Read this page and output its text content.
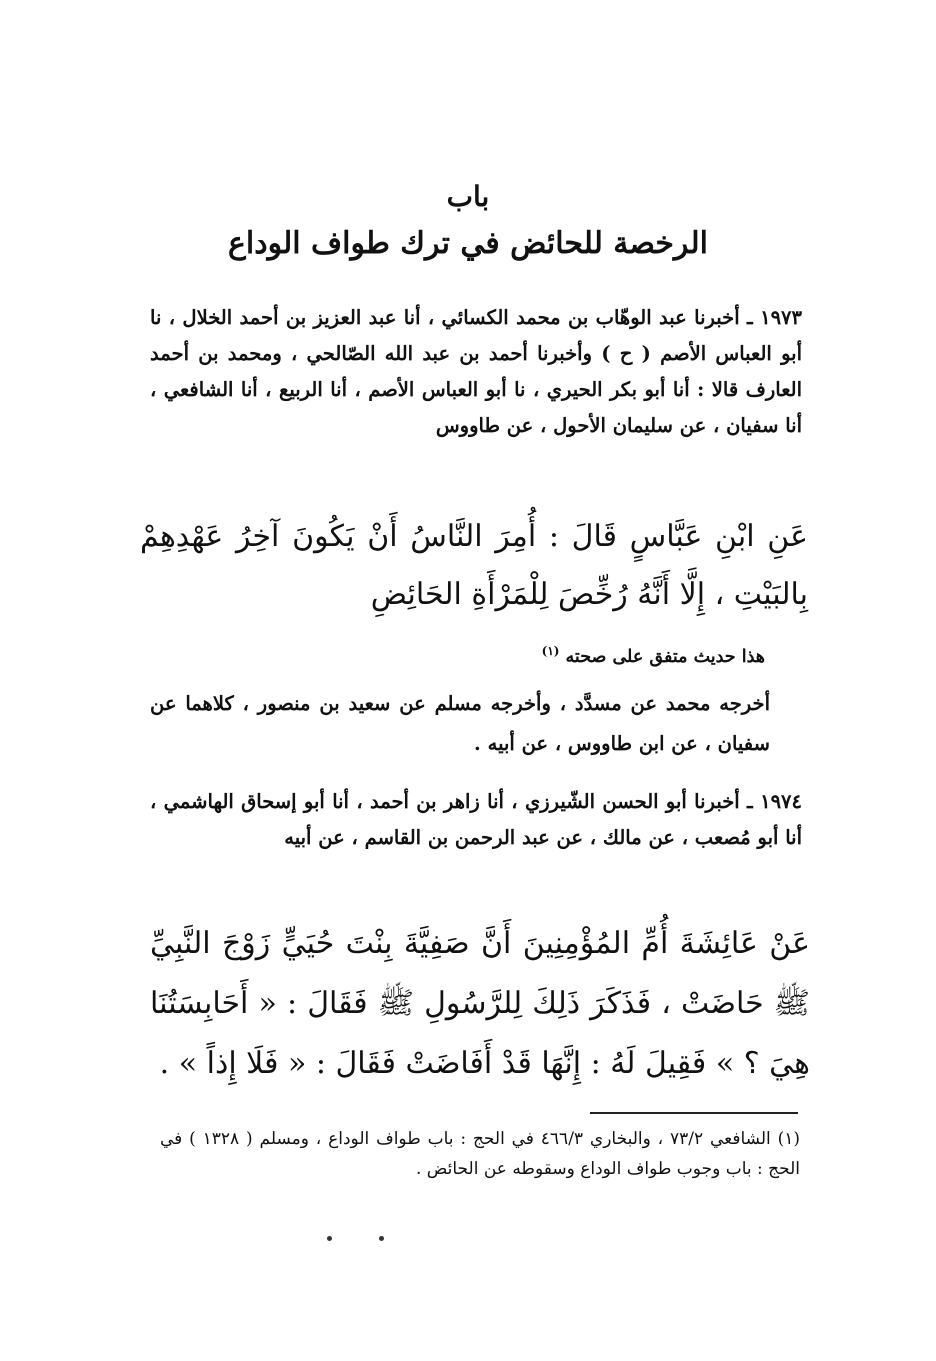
باب
الرخصة للحائض في ترك طواف الوداع
١٩٧٣ ـ أخبرنا عبد الوهّاب بن محمد الكسائي ، أنا عبد العزيز بن أحمد الخلال ، نا أبو العباس الأصم ( ح ) وأخبرنا أحمد بن عبد الله الصّالحي ، ومحمد بن أحمد العارف قالا : أنا أبو بكر الحيري ، نا أبو العباس الأصم ، أنا الربيع ، أنا الشافعي ، أنا سفيان ، عن سليمان الأحول ، عن طاووس
عَنِ ابْنِ عَبَّاسٍ قَالَ : أُمِرَ النَّاسُ أَنْ يَكُونَ آخِرُ عَهْدِهِمْ بِالبَيْتِ ، إِلَّا أَنَّهُ رُخِّصَ لِلْمَرْأَةِ الحَائِضِ
هذا حديث متفق على صحته $^{(١)}$
أخرجه محمد عن مسدَّد ، وأخرجه مسلم عن سعيد بن منصور ، كلاهما عن سفيان ، عن ابن طاووس ، عن أبيه .
١٩٧٤ ـ أخبرنا أبو الحسن الشّيرزي ، أنا زاهر بن أحمد ، أنا أبو إسحاق الهاشمي ، أنا أبو مُصعب ، عن مالك ، عن عبد الرحمن بن القاسم ، عن أبيه
عَنْ عَائِشَةَ أُمِّ المُؤْمِنِينَ أَنَّ صَفِيَّةَ بِنْتَ حُيَيٍّ زَوْجَ النَّبِيِّ ﷺ حَاضَتْ ، فَذَكَرَ ذَلِكَ لِلرَّسُولِ ﷺ فَقَالَ : « أَحَابِسَتُنَا هِيَ ؟ » فَقِيلَ لَهُ : إِنَّهَا قَدْ أَفَاضَتْ فَقَالَ : « فَلَا إِذاً » .
(١) الشافعي ٧٣/٢ ، والبخاري ٤٦٦/٣ في الحج : باب طواف الوداع ، ومسلم ( ١٣٢٨ ) في الحج : باب وجوب طواف الوداع وسقوطه عن الحائض .
